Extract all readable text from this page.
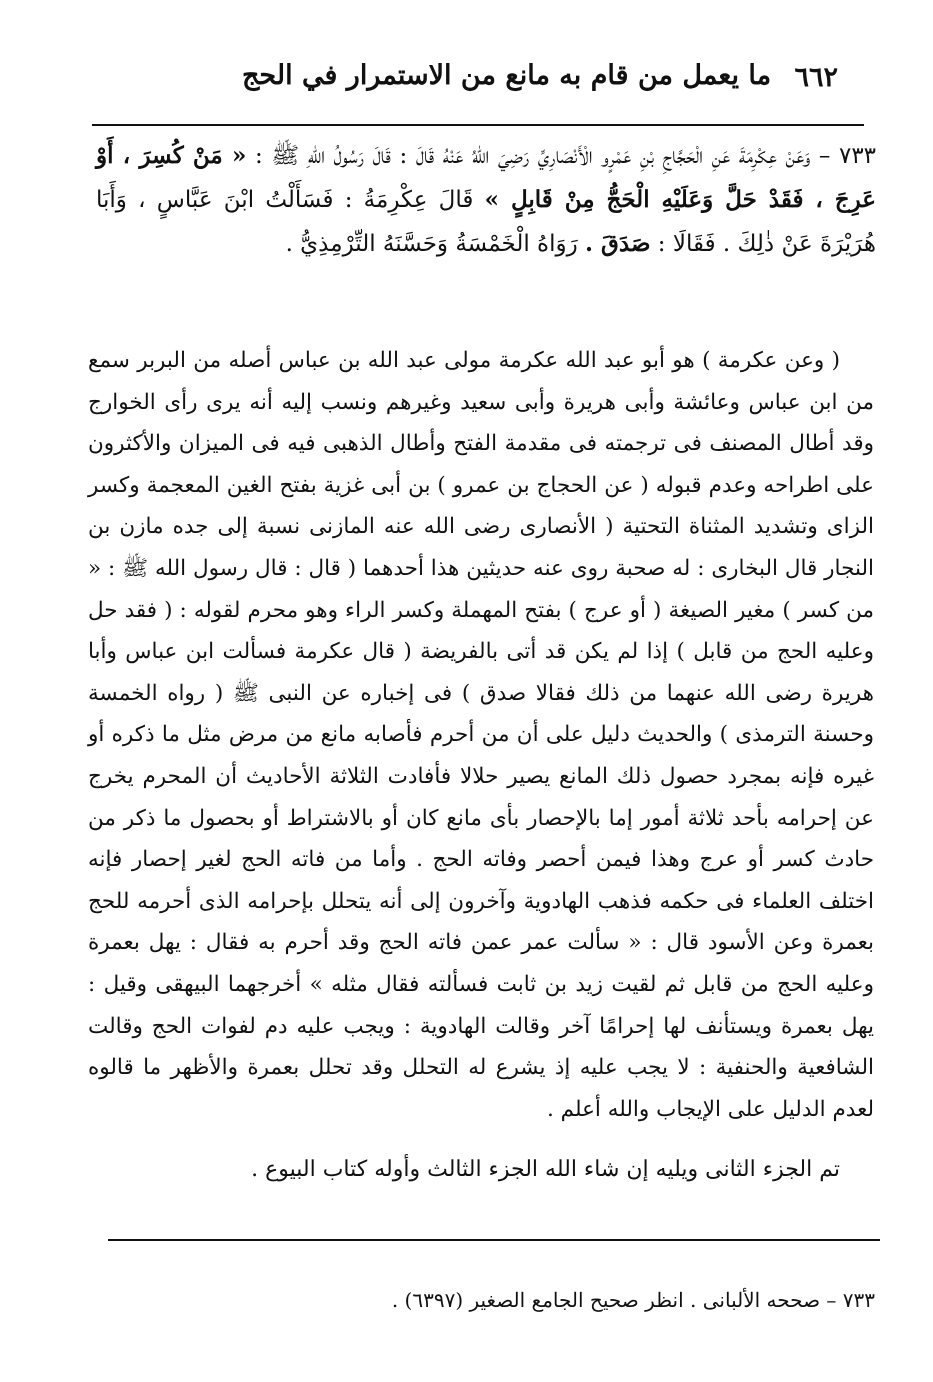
٦٦٢
ما يعمل من قام به مانع من الاستمرار في الحج
٧٣٣ – وَعَنْ عِكْرِمَةَ عَنِ الْحَجَّاجِ بْنِ عَمْرٍو الْأَنْصَارِيِّ رَضِيَ اللهُ عَنْهُ قَالَ : قَالَ رَسُولُ اللهِ ﷺ : « مَنْ كُسِرَ ، أَوْ عَرِجَ ، فَقَدْ حَلَّ وَعَلَيْهِ الْحَجُّ مِنْ قَابِلٍ » قَالَ عِكْرِمَةُ : فَسَأَلْتُ ابْنَ عَبَّاسٍ ، وَأَبَا هُرَيْرَةَ عَنْ ذٰلِكَ . فَقَالَا : صَدَقَ . رَوَاهُ الْخَمْسَةُ وَحَسَّنَهُ التِّرْمِذِيُّ .

( وعن عكرمة ) هو أبو عبد الله عكرمة مولى عبد الله بن عباس أصله من البربر سمع من ابن عباس وعائشة وأبى هريرة وأبى سعيد وغيرهم ونسب إليه أنه يرى رأى الخوارج وقد أطال المصنف فى ترجمته فى مقدمة الفتح وأطال الذهبى فيه فى الميزان والأكثرون على اطراحه وعدم قبوله ( عن الحجاج بن عمرو ) بن أبى غزية بفتح الغين المعجمة وكسر الزاى وتشديد المثناة التحتية ( الأنصارى رضى الله عنه المازنى نسبة إلى جده مازن بن النجار قال البخارى : له صحبة روى عنه حديثين هذا أحدهما ( قال : قال رسول الله ﷺ : « من كسر ) مغير الصيغة ( أو عرج ) بفتح المهملة وكسر الراء وهو محرم لقوله : ( فقد حل وعليه الحج من قابل ) إذا لم يكن قد أتى بالفريضة ( قال عكرمة فسألت ابن عباس وأبا هريرة رضى الله عنهما من ذلك فقالا صدق ) فى إخباره عن النبى ﷺ ( رواه الخمسة وحسنة الترمذى ) والحديث دليل على أن من أحرم فأصابه مانع من مرض مثل ما ذكره أو غيره فإنه بمجرد حصول ذلك المانع يصير حلالا فأفادت الثلاثة الأحاديث أن المحرم يخرج عن إحرامه بأحد ثلاثة أمور إما بالإحصار بأى مانع كان أو بالاشتراط أو بحصول ما ذكر من حادث كسر أو عرج وهذا فيمن أحصر وفاته الحج . وأما من فاته الحج لغير إحصار فإنه اختلف العلماء فى حكمه فذهب الهادوية وآخرون إلى أنه يتحلل بإحرامه الذى أحرمه للحج بعمرة وعن الأسود قال : « سألت عمر عمن فاته الحج وقد أحرم به فقال : يهل بعمرة وعليه الحج من قابل ثم لقيت زيد بن ثابت فسألته فقال مثله » أخرجهما البيهقى وقيل : يهل بعمرة ويستأنف لها إحرامًا آخر وقالت الهادوية : ويجب عليه دم لفوات الحج وقالت الشافعية والحنفية : لا يجب عليه إذ يشرع له التحلل وقد تحلل بعمرة والأظهر ما قالوه لعدم الدليل على الإيجاب والله أعلم .

تم الجزء الثانى ويليه إن شاء الله الجزء الثالث وأوله كتاب البيوع .
٧٣٣ – صححه الألبانى . انظر صحيح الجامع الصغير (٦٣٩٧) .
